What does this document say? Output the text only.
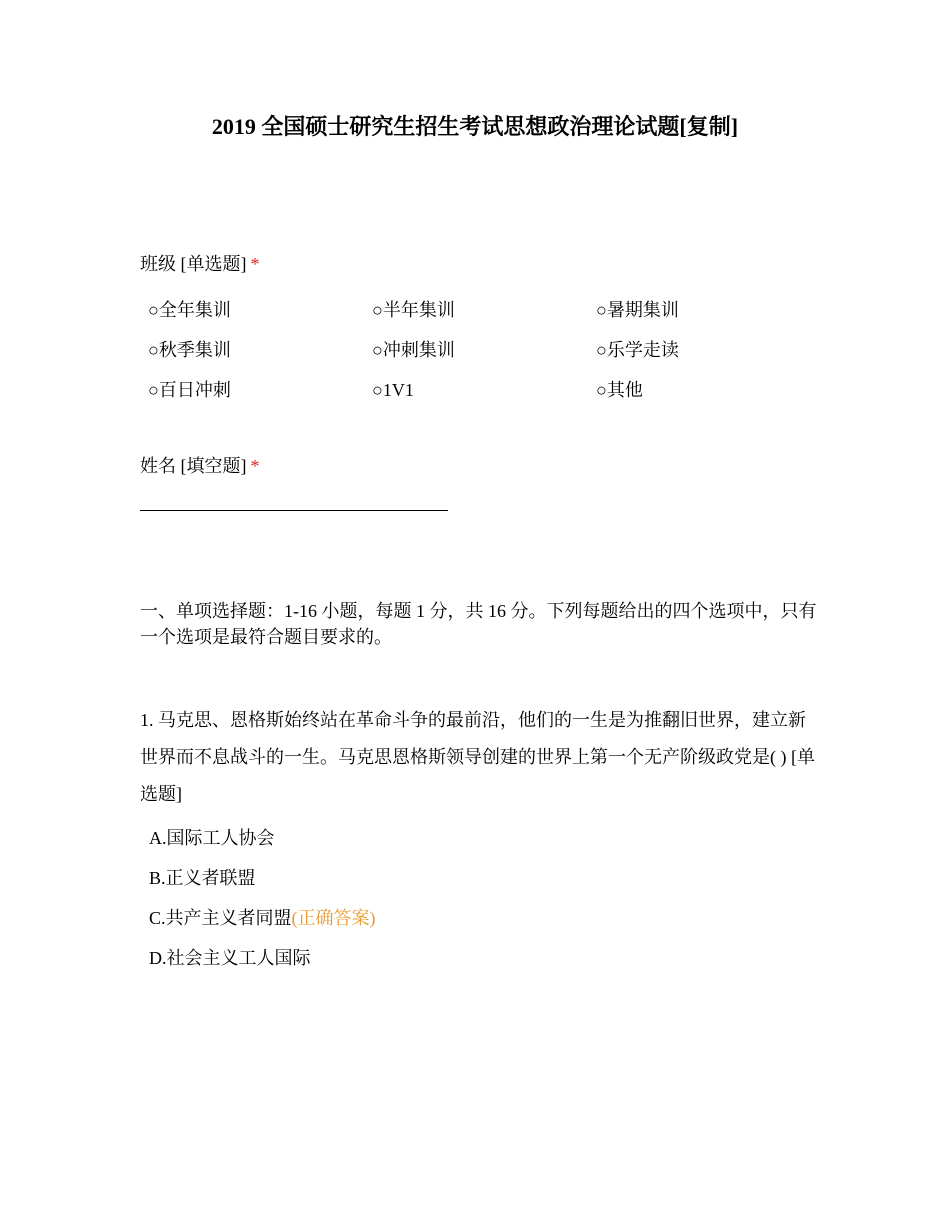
2019 全国硕士研究生招生考试思想政治理论试题[复制]
班级 [单选题] *
○全年集训	○半年集训	○暑期集训
○秋季集训	○冲刺集训	○乐学走读
○百日冲刺	○1V1	○其他
姓名 [填空题] *
一、单项选择题：1-16 小题，每题 1 分，共 16 分。下列每题给出的四个选项中，只有一个选项是最符合题目要求的。
1. 马克思、恩格斯始终站在革命斗争的最前沿，他们的一生是为推翻旧世界，建立新世界而不息战斗的一生。马克思恩格斯领导创建的世界上第一个无产阶级政党是( ) [单选题]
A.国际工人协会
B.正义者联盟
C.共产主义者同盟(正确答案)
D.社会主义工人国际
